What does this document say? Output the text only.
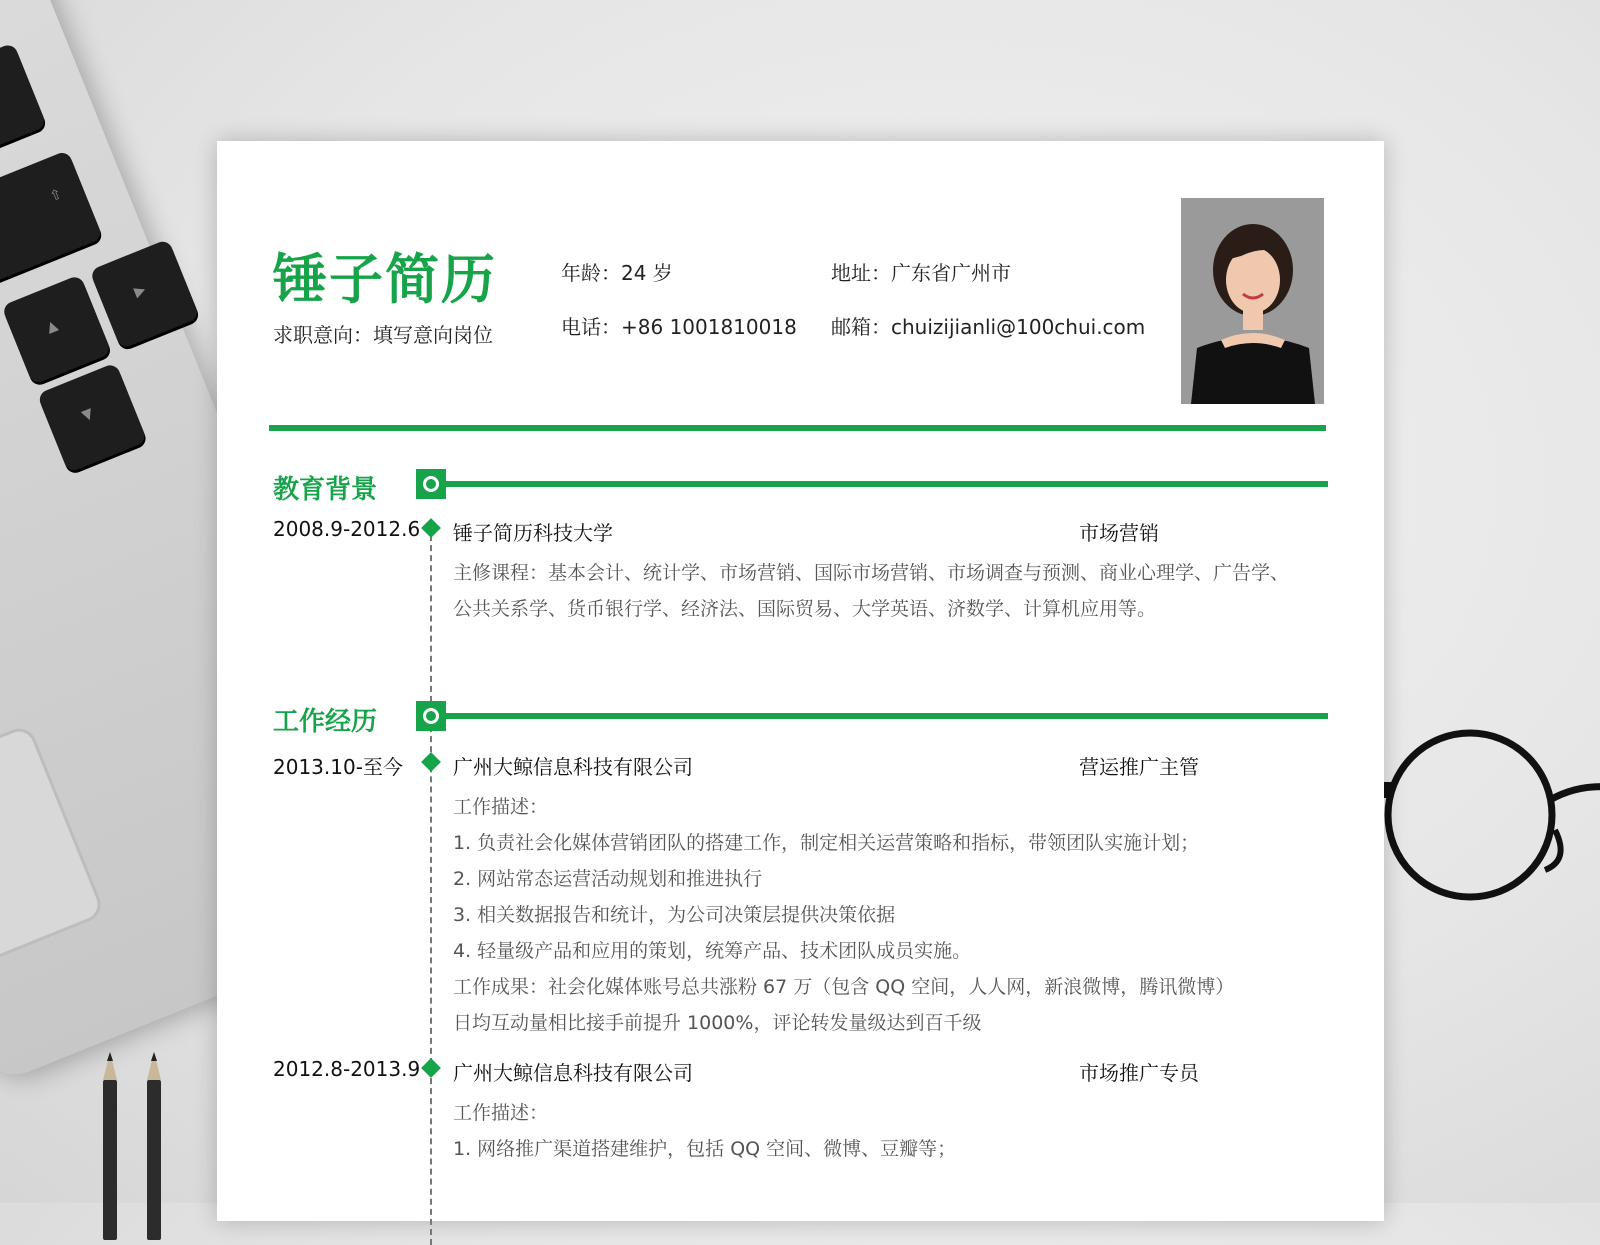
⇧
▲
▶
▼
锤子简历
求职意向：填写意向岗位
年龄：24 岁	地址：广东省广州市
电话：+86 1001810018 邮箱：chuizijianli@100chui.com
教育背景
2008.9-2012.6 锤子简历科技大学	市场营销
主修课程：基本会计、统计学、市场营销、国际市场营销、市场调查与预测、商业心理学、广告学、
公共关系学、货币银行学、经济法、国际贸易、大学英语、济数学、计算机应用等。
工作经历
2013.10-至今	广州大鲸信息科技有限公司	营运推广主管
工作描述：
1. 负责社会化媒体营销团队的搭建工作，制定相关运营策略和指标，带领团队实施计划；
2. 网站常态运营活动规划和推进执行
3. 相关数据报告和统计，为公司决策层提供决策依据
4. 轻量级产品和应用的策划，统筹产品、技术团队成员实施。
工作成果：社会化媒体账号总共涨粉 67 万（包含 QQ 空间，人人网，新浪微博，腾讯微博）
日均互动量相比接手前提升 1000%，评论转发量级达到百千级
2012.8-2013.9 广州大鲸信息科技有限公司	市场推广专员
工作描述：
1. 网络推广渠道搭建维护，包括 QQ 空间、微博、豆瓣等；
